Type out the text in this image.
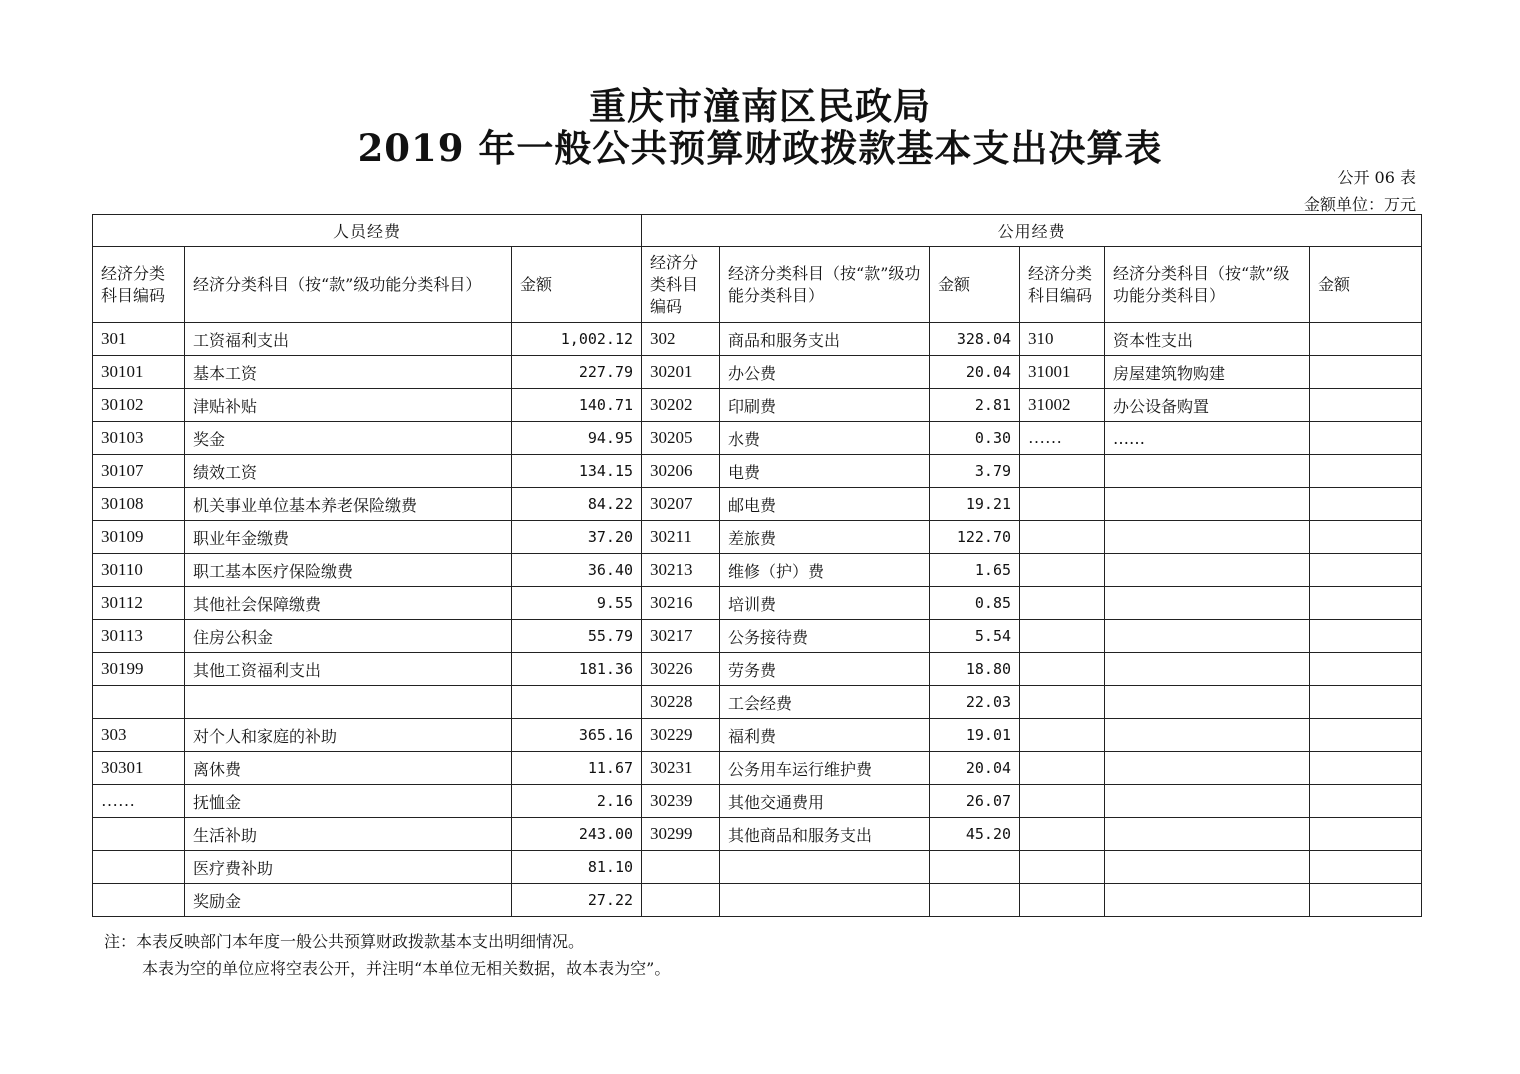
重庆市潼南区民政局
2019 年一般公共预算财政拨款基本支出决算表
公开 06 表
金额单位：万元
人员经费			公用经费					
经济分类科目编码	经济分类科目（按“款”级功能分类科目）	金额	经济分类科目编码	经济分类科目（按“款”级功能分类科目）	金额	经济分类科目编码	经济分类科目（按“款”级功能分类科目）	金额
301	工资福利支出	1,002.12	302	商品和服务支出	328.04	310	资本性支出	
30101	基本工资	227.79	30201	办公费	20.04	31001	房屋建筑物购建	
30102	津贴补贴	140.71	30202	印刷费	2.81	31002	办公设备购置	
30103	奖金	94.95	30205	水费	0.30	……	……	
30107	绩效工资	134.15	30206	电费	3.79			
30108	机关事业单位基本养老保险缴费	84.22	30207	邮电费	19.21			
30109	职业年金缴费	37.20	30211	差旅费	122.70			
30110	职工基本医疗保险缴费	36.40	30213	维修（护）费	1.65			
30112	其他社会保障缴费	9.55	30216	培训费	0.85			
30113	住房公积金	55.79	30217	公务接待费	5.54			
30199	其他工资福利支出	181.36	30226	劳务费	18.80			
			30228	工会经费	22.03			
303	对个人和家庭的补助	365.16	30229	福利费	19.01			
30301	离休费	11.67	30231	公务用车运行维护费	20.04			
……	抚恤金	2.16	30239	其他交通费用	26.07			
	生活补助	243.00	30299	其他商品和服务支出	45.20			
	医疗费补助	81.10						
	奖励金	27.22						
注：本表反映部门本年度一般公共预算财政拨款基本支出明细情况。
本表为空的单位应将空表公开，并注明“本单位无相关数据，故本表为空”。
